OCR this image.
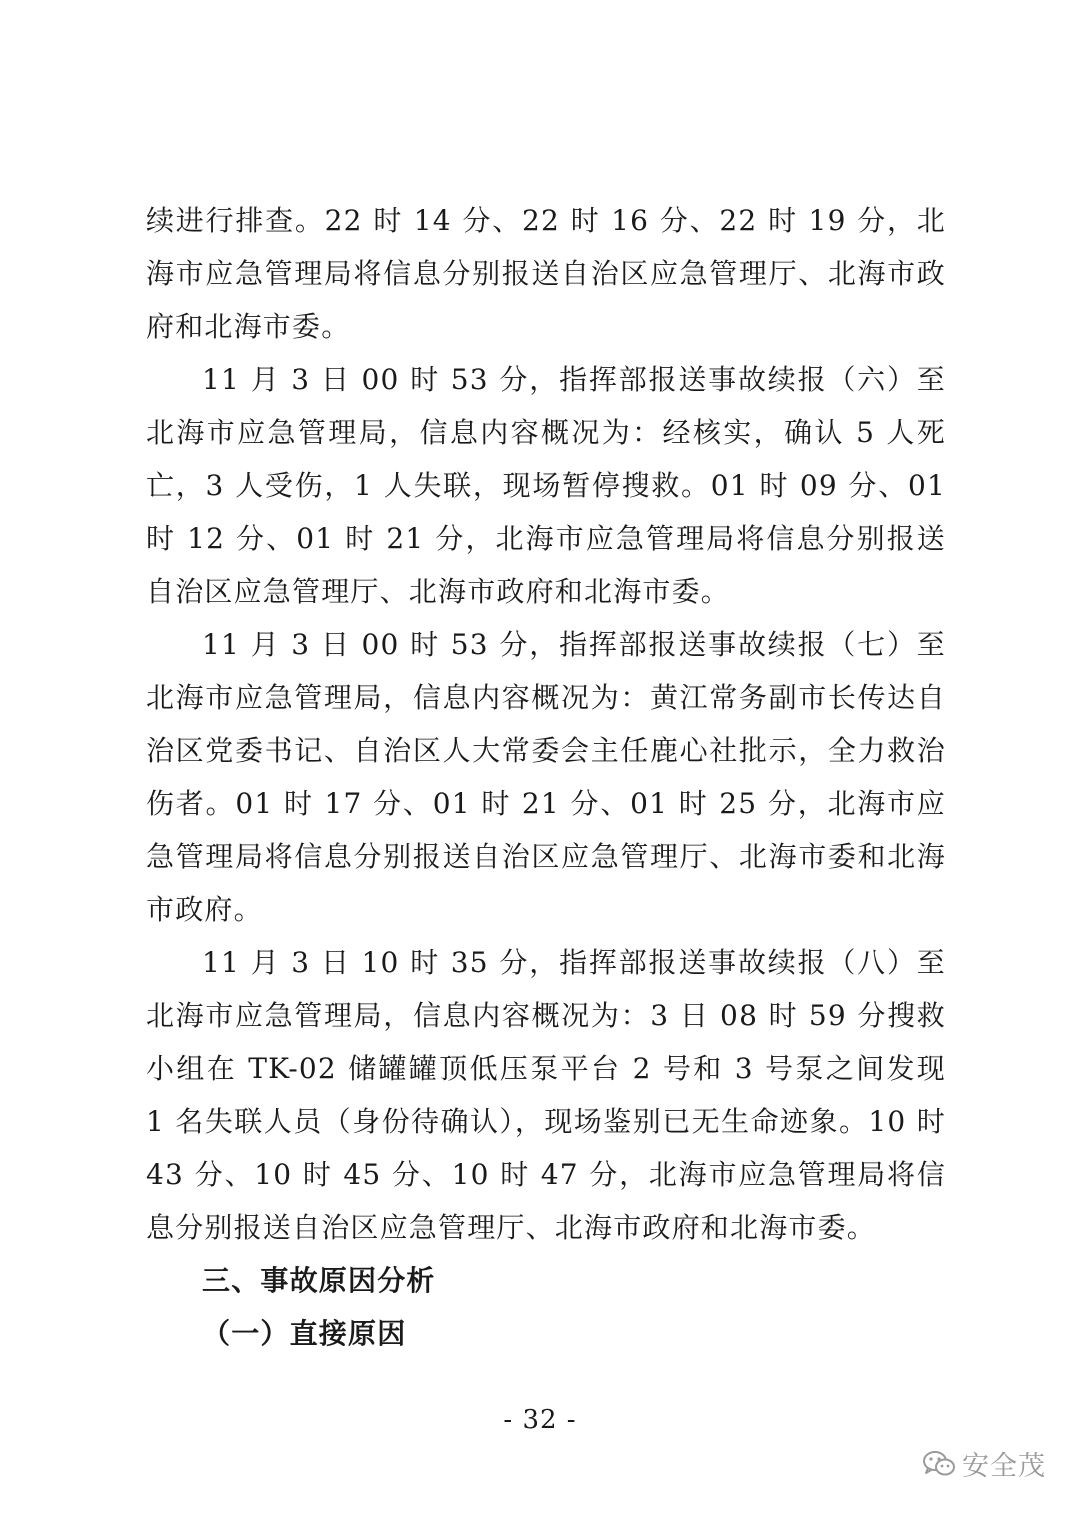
续进行排查。22 时 14 分、22 时 16 分、22 时 19 分，北海市应急管理局将信息分别报送自治区应急管理厅、北海市政府和北海市委。

11 月 3 日 00 时 53 分，指挥部报送事故续报（六）至北海市应急管理局，信息内容概况为：经核实，确认 5 人死亡，3 人受伤，1 人失联，现场暂停搜救。01 时 09 分、01 时 12 分、01 时 21 分，北海市应急管理局将信息分别报送自治区应急管理厅、北海市政府和北海市委。

11 月 3 日 00 时 53 分，指挥部报送事故续报（七）至北海市应急管理局，信息内容概况为：黄江常务副市长传达自治区党委书记、自治区人大常委会主任鹿心社批示，全力救治伤者。01 时 17 分、01 时 21 分、01 时 25 分，北海市应急管理局将信息分别报送自治区应急管理厅、北海市委和北海市政府。

11 月 3 日 10 时 35 分，指挥部报送事故续报（八）至北海市应急管理局，信息内容概况为：3 日 08 时 59 分搜救小组在 TK-02 储罐罐顶低压泵平台 2 号和 3 号泵之间发现 1 名失联人员（身份待确认），现场鉴别已无生命迹象。10 时 43 分、10 时 45 分、10 时 47 分，北海市应急管理局将信息分别报送自治区应急管理厅、北海市政府和北海市委。

三、事故原因分析

（一）直接原因

- 32 -
安全茂
